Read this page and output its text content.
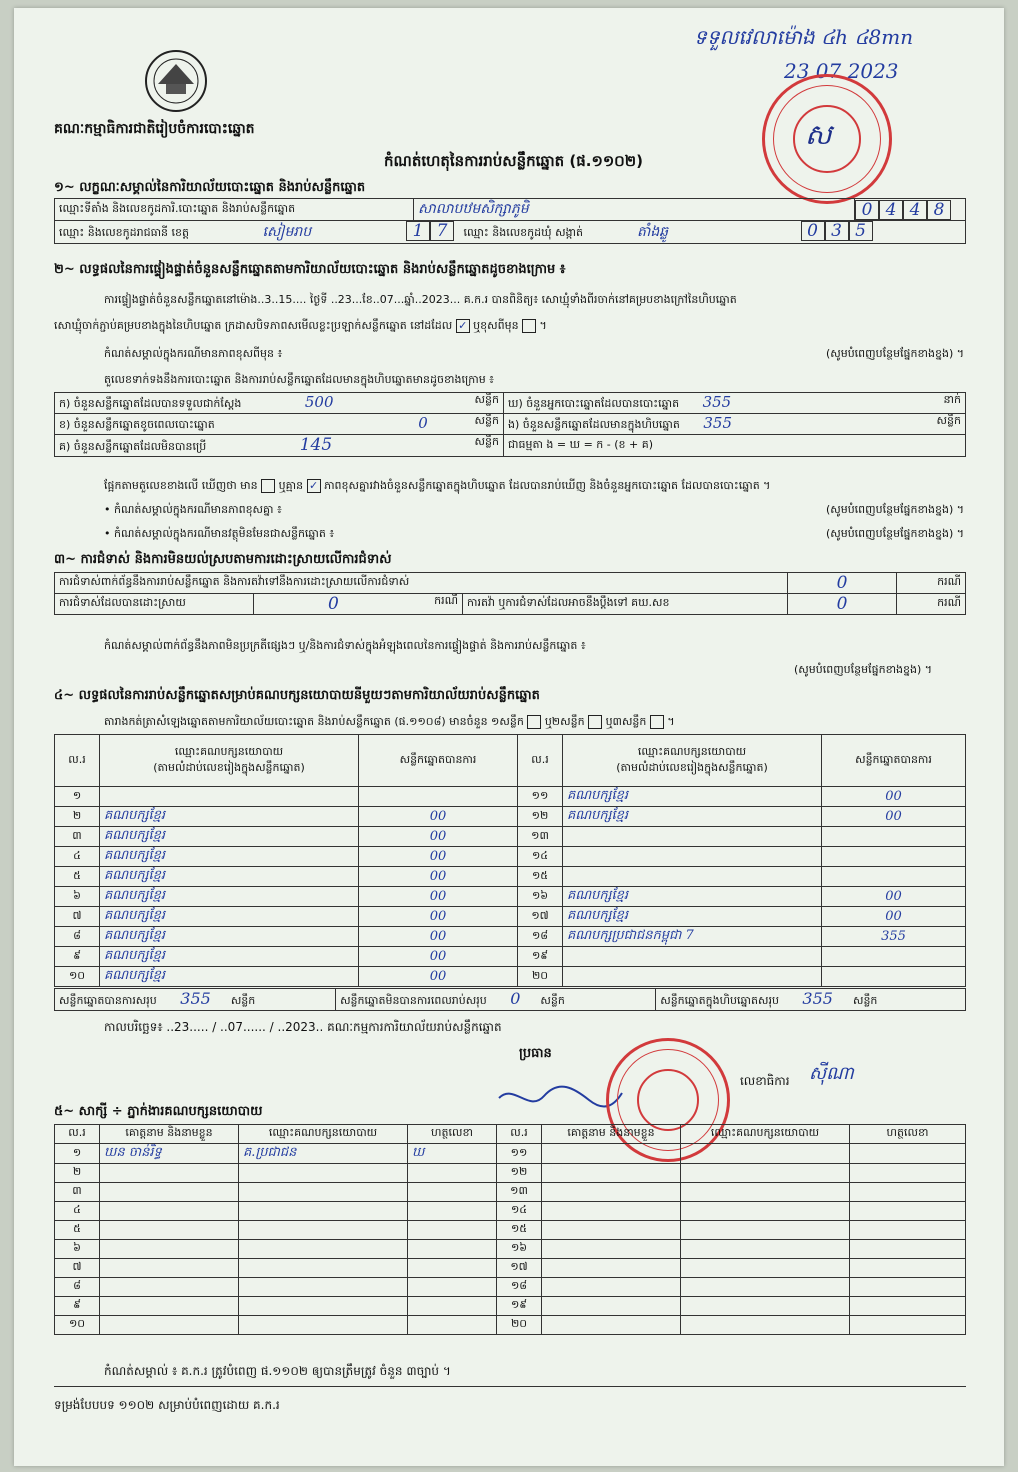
ទទួលវេលាម៉ោង ៤h ៤8mn
23 07 2023
ស
គណៈកម្មាធិការជាតិរៀបចំការបោះឆ្នោត
កំណត់ហេតុនៃការរាប់សន្លឹកឆ្នោត (ផ.១១០២)
១~ លក្ខណៈសម្គាល់នៃការិយាល័យបោះឆ្នោត និងរាប់សន្លឹកឆ្នោត
ឈ្មោះទីតាំង និងលេខកូដការិ.បោះឆ្នោត និងរាប់សន្លឹកឆ្នោត	សាលាបឋមសិក្សាភូមិ	0 4 4 8
ឈ្មោះ និងលេខកូដរាជធានី ខេត្ត	សៀមរាប	1 7 ឈ្មោះ និងលេខកូដឃុំ សង្កាត់	តាំងឆ្លូ	0 3 5
២~ លទ្ធផលនៃការផ្ទៀងផ្ទាត់ចំនួនសន្លឹកឆ្នោតតាមការិយាល័យបោះឆ្នោត និងរាប់សន្លឹកឆ្នោតដូចខាងក្រោម ៖
ការផ្ទៀងផ្ទាត់ចំនួនសន្លឹកឆ្នោតនៅម៉ោង..3..15.... ថ្ងៃទី ..23...ខែ..07...ឆ្នាំ..2023... គ.ក.រ បានពិនិត្យ៖ សោឃ្មុំទាំងពីរចាក់នៅគម្របខាងក្រៅនៃហិបឆ្នោត
សោឃ្មុំចាក់ភ្ជាប់គម្របខាងក្នុងនៃហិបឆ្នោត ក្រដាសបិទភាពសមើលខ្លះប្រឡាក់សន្លឹកឆ្នោត នៅដដែល ✓ ឬខុសពីមុន  ។
កំណត់សម្គាល់ក្នុងករណីមានភាពខុសពីមុន ៖	(សូមបំពេញបន្ថែមផ្នែកខាងខ្នង) ។
តួលេខទាក់ទងនឹងការបោះឆ្នោត និងការរាប់សន្លឹកឆ្នោតដែលមានក្នុងហិបឆ្នោតមានដូចខាងក្រោម ៖
ក) ចំនួនសន្លឹកឆ្នោតដែលបានទទួលជាក់ស្តែង 500 សន្លឹក	ឃ) ចំនួនអ្នកបោះឆ្នោតដែលបានបោះឆ្នោត 355 នាក់

ខ) ចំនួនសន្លឹកឆ្នោតខូចពេលបោះឆ្នោត 0 សន្លឹក	ង) ចំនួនសន្លឹកឆ្នោតដែលមានក្នុងហិបឆ្នោត 355 សន្លឹក

គ) ចំនួនសន្លឹកឆ្នោតដែលមិនបានប្រើ 145 សន្លឹក	ជាធម្មតា ង = ឃ = ក - (ខ + គ)
ផ្អែកតាមតួលេខខាងលើ ឃើញថា មាន ឬគ្មាន ✓ ភាពខុសគ្នារវាងចំនួនសន្លឹកឆ្នោតក្នុងហិបឆ្នោត ដែលបានរាប់ឃើញ និងចំនួនអ្នកបោះឆ្នោត ដែលបានបោះឆ្នោត ។
• កំណត់សម្គាល់ក្នុងករណីមានភាពខុសគ្នា ៖	(សូមបំពេញបន្ថែមផ្នែកខាងខ្នង) ។
• កំណត់សម្គាល់ក្នុងករណីមានវត្ថុមិនមែនជាសន្លឹកឆ្នោត ៖	(សូមបំពេញបន្ថែមផ្នែកខាងខ្នង) ។
៣~ ការជំទាស់ និងការមិនយល់ស្របតាមការដោះស្រាយលើការជំទាស់
ការជំទាស់ពាក់ព័ន្ធនឹងការរាប់សន្លឹកឆ្នោត និងការតវ៉ាទៅនឹងការដោះស្រាយលើការជំទាស់			0	ករណី
ការជំទាស់ដែលបានដោះស្រាយ	0 ករណី	ការតវ៉ា ឬការជំទាស់ដែលអាចនឹងប្តឹងទៅ គឃ.សខ	0	ករណី
កំណត់សម្គាល់ពាក់ព័ន្ធនឹងភាពមិនប្រក្រតីផ្សេងៗ ឬ/និងការជំទាស់ក្នុងអំឡុងពេលនៃការផ្ទៀងផ្ទាត់ និងការរាប់សន្លឹកឆ្នោត ៖
(សូមបំពេញបន្ថែមផ្នែកខាងខ្នង) ។
៤~ លទ្ធផលនៃការរាប់សន្លឹកឆ្នោតសម្រាប់គណបក្សនយោបាយនីមួយៗតាមការិយាល័យរាប់សន្លឹកឆ្នោត
តារាងកត់ត្រាសំឡេងឆ្នោតតាមការិយាល័យបោះឆ្នោត និងរាប់សន្លឹកឆ្នោត (ផ.១១០៨) មានចំនួន ១សន្លឹក ឬ២សន្លឹក ឬ៣សន្លឹក  ។
ល.រ	ឈ្មោះគណបក្សនយោបាយ
(តាមលំដាប់លេខរៀងក្នុងសន្លឹកឆ្នោត)	សន្លឹកឆ្នោតបានការ	ល.រ	ឈ្មោះគណបក្សនយោបាយ
(តាមលំដាប់លេខរៀងក្នុងសន្លឹកឆ្នោត)	សន្លឹកឆ្នោតបានការ
១			១១	គណបក្សខ្មែរ	00
២	គណបក្សខ្មែរ	00	១២	គណបក្សខ្មែរ	00
៣	គណបក្សខ្មែរ	00	១៣		
៤	គណបក្សខ្មែរ	00	១៤		
៥	គណបក្សខ្មែរ	00	១៥		
៦	គណបក្សខ្មែរ	00	១៦	គណបក្សខ្មែរ	00
៧	គណបក្សខ្មែរ	00	១៧	គណបក្សខ្មែរ	00
៨	គណបក្សខ្មែរ	00	១៨	គណបក្សប្រជាជនកម្ពុជា 7	355
៩	គណបក្សខ្មែរ	00	១៩		
១០	គណបក្សខ្មែរ	00	២០		
សន្លឹកឆ្នោតបានការសរុប 355 សន្លឹក	សន្លឹកឆ្នោតមិនបានការពេលរាប់សរុប 0 សន្លឹក	សន្លឹកឆ្នោតក្នុងហិបឆ្នោតសរុប 355 សន្លឹក
កាលបរិច្ឆេទ៖ ..23..... / ..07...... / ..2023.. គណៈកម្មការការិយាល័យរាប់សន្លឹកឆ្នោត
ប្រធាន
លេខាធិការ ស៊ីណា
៥~ សាក្សី ÷ ភ្នាក់ងារគណបក្សនយោបាយ
ល.រ	គោត្តនាម និងនាមខ្លួន	ឈ្មោះគណបក្សនយោបាយ	ហត្ថលេខា	ល.រ	គោត្តនាម និងនាមខ្លួន	ឈ្មោះគណបក្សនយោបាយ	ហត្ថលេខា
១	ឃន ចាន់រិទ្ធ	គ.ប្រជាជន	ឃ	១១			
២				១២			
៣				១៣			
៤				១៤			
៥				១៥			
៦				១៦			
៧				១៧			
៨				១៨			
៩				១៩			
១០				២០			
កំណត់សម្គាល់ ៖ គ.ក.រ ត្រូវបំពេញ ផ.១១០២ ឲ្យបានត្រឹមត្រូវ ចំនួន ៣ច្បាប់ ។
ទម្រង់បែបបទ ១១០២ សម្រាប់បំពេញដោយ គ.ក.រ
